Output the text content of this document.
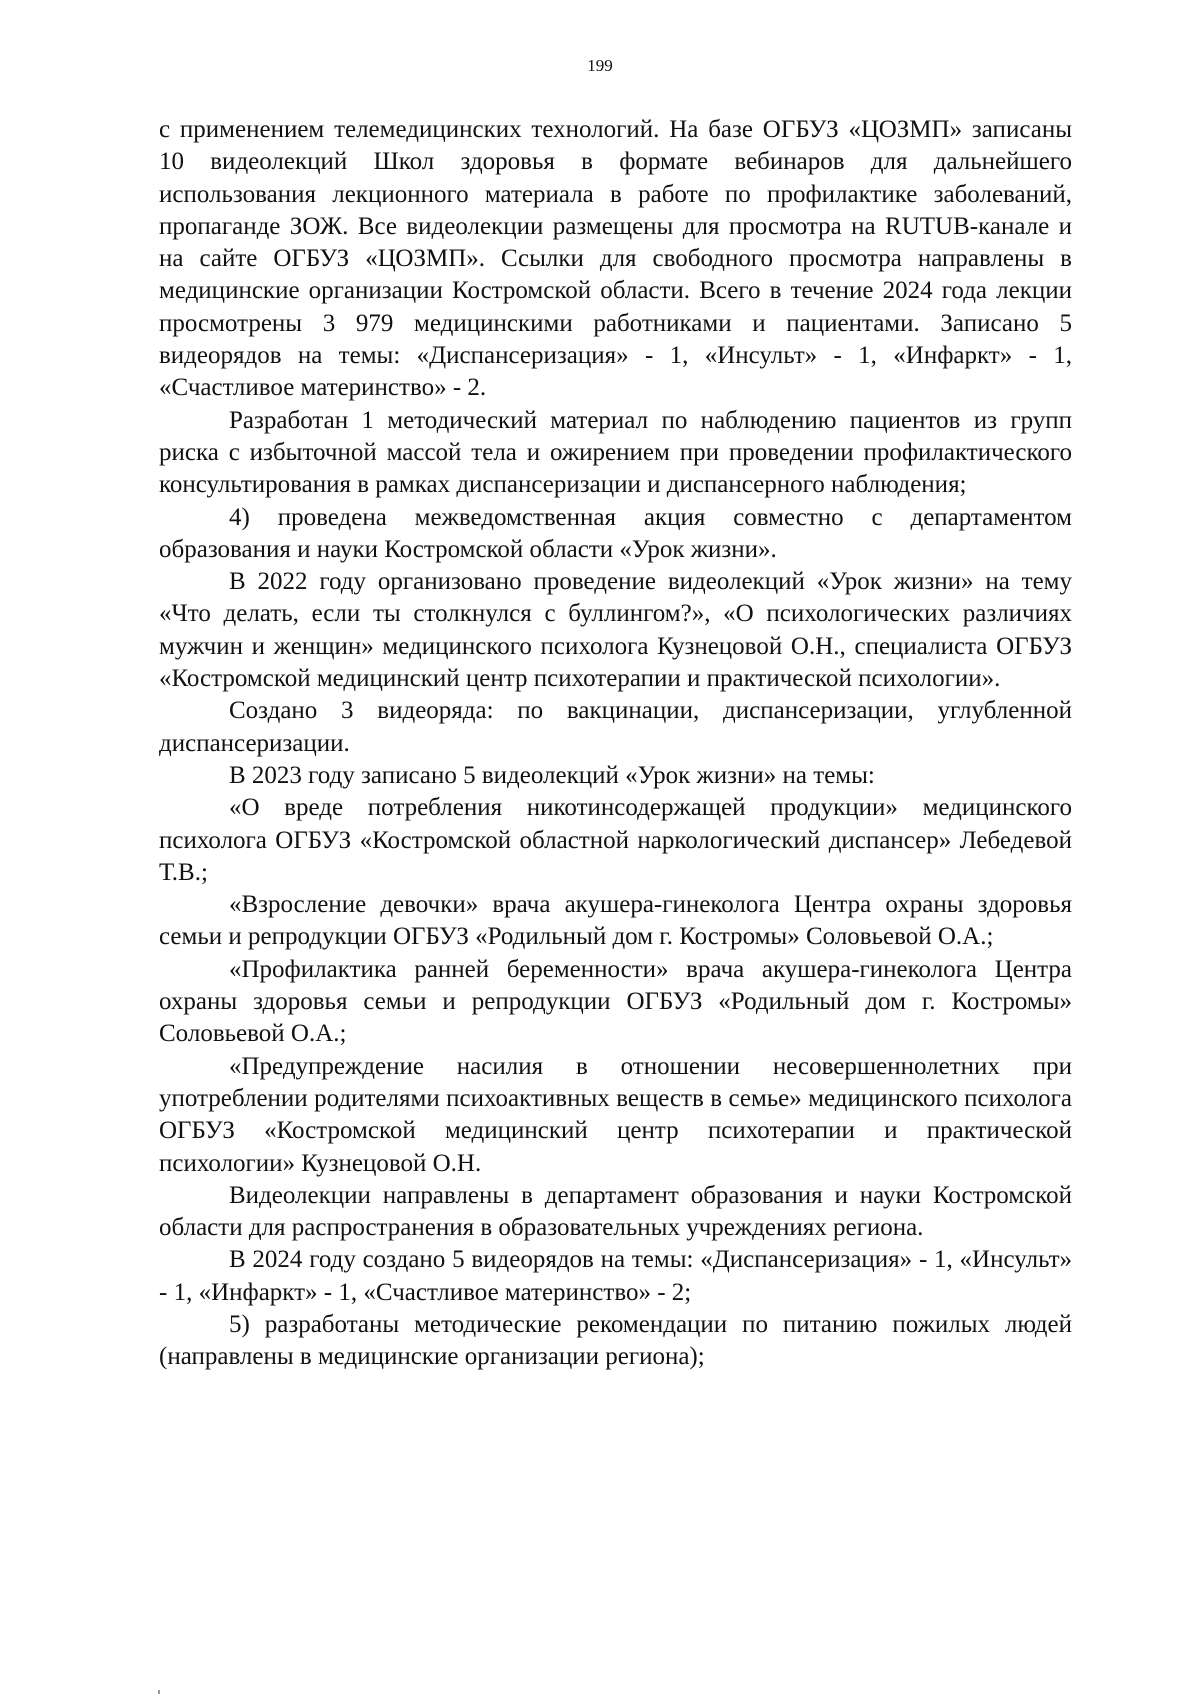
199

с применением телемедицинских технологий. На базе ОГБУЗ «ЦОЗМП» записаны 10 видеолекций Школ здоровья в формате вебинаров для дальнейшего использования лекционного материала в работе по профилактике заболеваний, пропаганде ЗОЖ. Все видеолекции размещены для просмотра на RUTUB-канале и на сайте ОГБУЗ «ЦОЗМП». Ссылки для свободного просмотра направлены в медицинские организации Костромской области. Всего в течение 2024 года лекции просмотрены 3 979 медицинскими работниками и пациентами. Записано 5 видеорядов на темы: «Диспансеризация» - 1, «Инсульт» - 1, «Инфаркт» - 1, «Счастливое материнство» - 2.

Разработан 1 методический материал по наблюдению пациентов из групп риска с избыточной массой тела и ожирением при проведении профилактического консультирования в рамках диспансеризации и диспансерного наблюдения;

4) проведена межведомственная акция совместно с департаментом образования и науки Костромской области «Урок жизни».

В 2022 году организовано проведение видеолекций «Урок жизни» на тему «Что делать, если ты столкнулся с буллингом?», «О психологических различиях мужчин и женщин» медицинского психолога Кузнецовой О.Н., специалиста ОГБУЗ «Костромской медицинский центр психотерапии и практической психологии».

Создано 3 видеоряда: по вакцинации, диспансеризации, углубленной диспансеризации.

В 2023 году записано 5 видеолекций «Урок жизни» на темы:

«О вреде потребления никотинсодержащей продукции» медицинского психолога ОГБУЗ «Костромской областной наркологический диспансер» Лебедевой Т.В.;

«Взросление девочки» врача акушера-гинеколога Центра охраны здоровья семьи и репродукции ОГБУЗ «Родильный дом г. Костромы» Соловьевой О.А.;

«Профилактика ранней беременности» врача акушера-гинеколога Центра охраны здоровья семьи и репродукции ОГБУЗ «Родильный дом г. Костромы» Соловьевой О.А.;

«Предупреждение насилия в отношении несовершеннолетних при употреблении родителями психоактивных веществ в семье» медицинского психолога ОГБУЗ «Костромской медицинский центр психотерапии и практической психологии» Кузнецовой О.Н.

Видеолекции направлены в департамент образования и науки Костромской области для распространения в образовательных учреждениях региона.

В 2024 году создано 5 видеорядов на темы: «Диспансеризация» - 1, «Инсульт» - 1, «Инфаркт» - 1, «Счастливое материнство» - 2;

5) разработаны методические рекомендации по питанию пожилых людей (направлены в медицинские организации региона);
